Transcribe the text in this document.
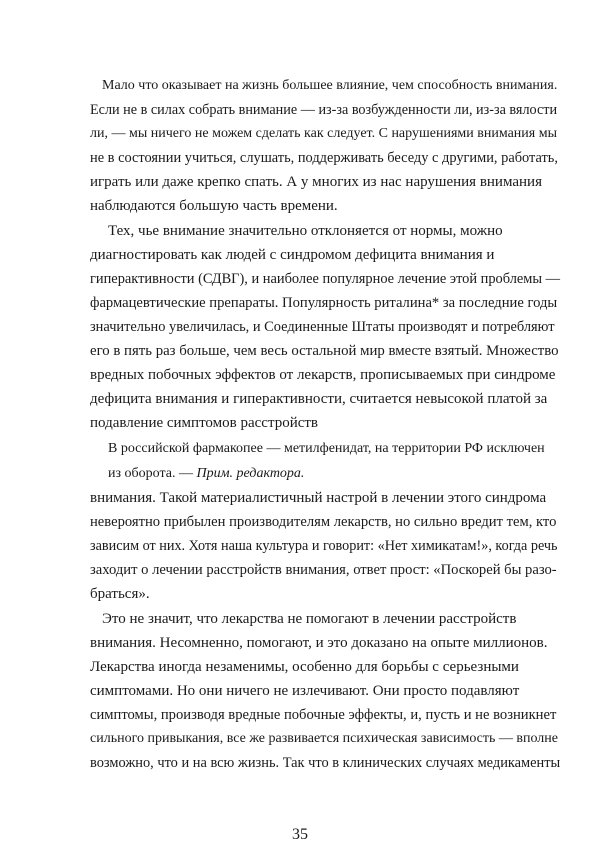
Мало что оказывает на жизнь большее влияние, чем способность внимания.

Если не в силах собрать внимание — из-за возбужденности ли, из-за вялости

ли, — мы ничего не можем сделать как следует. С нарушениями внимания мы

не в состоянии учиться, слушать, поддерживать беседу с другими, работать,

играть или даже крепко спать. А у многих из нас нарушения внимания

наблюдаются большую часть времени.

Тех, чье внимание значительно отклоняется от нормы, можно

диагностировать как людей с синдромом дефицита внимания и

гиперактивности (СДВГ), и наиболее популярное лечение этой проблемы —

фармацевтические препараты. Популярность риталина* за последние годы

значительно увеличилась, и Соединенные Штаты производят и потребляют

его в пять раз больше, чем весь остальной мир вместе взятый. Множество

вредных побочных эффектов от лекарств, прописываемых при синдроме

дефицита внимания и гиперактивности, считается невысокой платой за

подавление симптомов расстройств

В российской фармакопее — метилфенидат, на территории РФ исключен

из оборота. — Прим. редактора.

внимания. Такой материалистичный настрой в лечении этого синдрома

невероятно прибылен производителям лекарств, но сильно вредит тем, кто

зависим от них. Хотя наша культура и говорит: «Нет химикатам!», когда речь

заходит о лечении расстройств внимания, ответ прост: «Поскорей бы разо-

браться».

Это не значит, что лекарства не помогают в лечении расстройств

внимания. Несомненно, помогают, и это доказано на опыте миллионов.

Лекарства иногда незаменимы, особенно для борьбы с серьезными

симптомами. Но они ничего не излечивают. Они просто подавляют

симптомы, производя вредные побочные эффекты, и, пусть и не возникнет

сильного привыкания, все же развивается психическая зависимость — вполне

возможно, что и на всю жизнь. Так что в клинических случаях медикаменты

35
